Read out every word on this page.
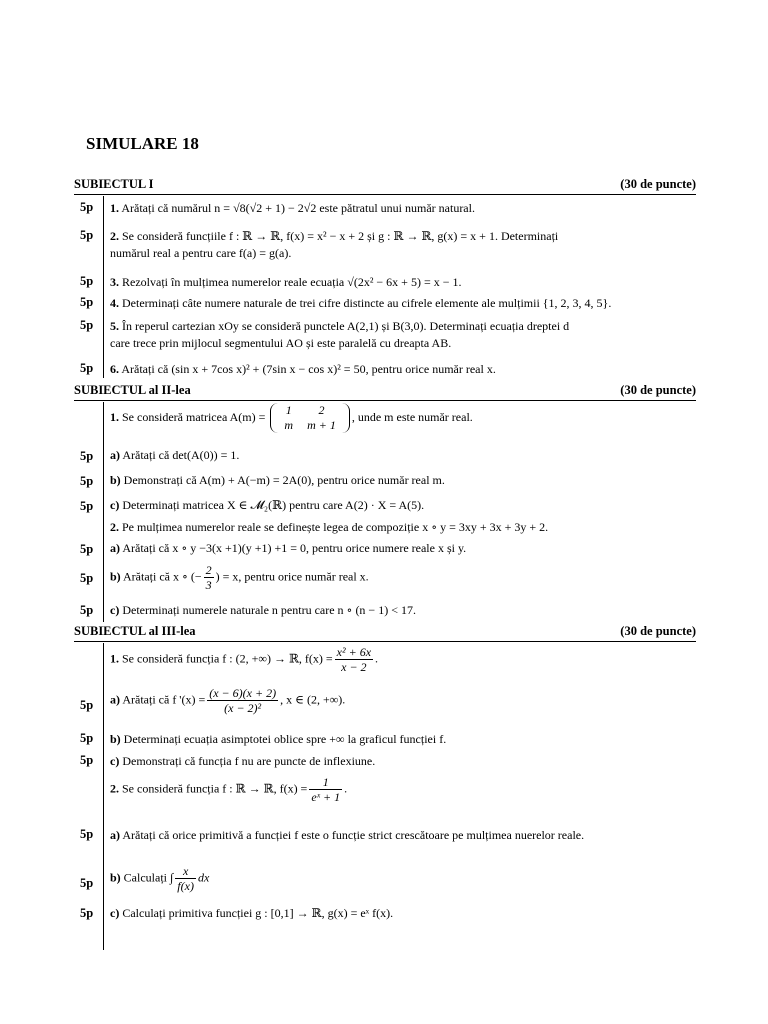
SIMULARE 18
SUBIECTUL I	(30 de puncte)
5p 1. Arătați că numărul n = √8(√2 + 1) − 2√2 este pătratul unui număr natural.
5p 2. Se consideră funcțiile f : ℝ → ℝ, f(x) = x² − x + 2 și g : ℝ → ℝ, g(x) = x + 1. Determinați
numărul real a pentru care f(a) = g(a).
5p 3. Rezolvați în mulțimea numerelor reale ecuația √(2x² − 6x + 5) = x − 1.
5p 4. Determinați câte numere naturale de trei cifre distincte au cifrele elemente ale mulțimii {1, 2, 3, 4, 5}.
5p 5. În reperul cartezian xOy se consideră punctele A(2,1) și B(3,0). Determinați ecuația dreptei d
care trece prin mijlocul segmentului AO și este paralelă cu dreapta AB.
5p 6. Arătați că (sin x + 7cos x)² + (7sin x − cos x)² = 50, pentru orice număr real x.
SUBIECTUL al II-lea	(30 de puncte)
1. Se consideră matricea A(m) = 1	2
m	m + 1
, unde m este număr real.
5p a) Arătați că det(A(0)) = 1.
5p b) Demonstrați că A(m) + A(−m) = 2A(0), pentru orice număr real m.
5p c) Determinați matricea X ∈ 𝓜₂(ℝ) pentru care A(2) · X = A(5).
2. Pe mulțimea numerelor reale se definește legea de compoziție x ∘ y = 3xy + 3x + 3y + 2.
5p a) Arătați că x ∘ y −3(x +1)(y +1) +1 = 0, pentru orice numere reale x și y.
5p b) Arătați că x ∘ (− $\frac{2}{3}$ ) = x, pentru orice număr real x.
5p c) Determinați numerele naturale n pentru care n ∘ (n − 1) < 17.
SUBIECTUL al III-lea	(30 de puncte)
1. Se consideră funcția f : (2, +∞) → ℝ, $f(x) = \frac{\text{x² + 6x}}{x - 2}$ .
5p a) Arătați că f '$(x) = \frac{(x - 6)(x + 2)}{\text{(x − 2)²}}$ , x ∈ (2, +∞).
5p b) Determinați ecuația asimptotei oblice spre +∞ la graficul funcției f.
5p c) Demonstrați că funcția f nu are puncte de inflexiune.
2. Se consideră funcția f : ℝ → ℝ, $f(x) = \frac{1}{\text{eˣ + 1}}$ .
5p a) Arătați că orice primitivă a funcției f este o funcție strict crescătoare pe mulțimea nuerelor reale.
5p b) Calculați ∫ $\frac{x}{f(x)}$ dx
5p c) Calculați primitiva funcției g : [0,1] → ℝ, g(x) = eˣ f(x).
